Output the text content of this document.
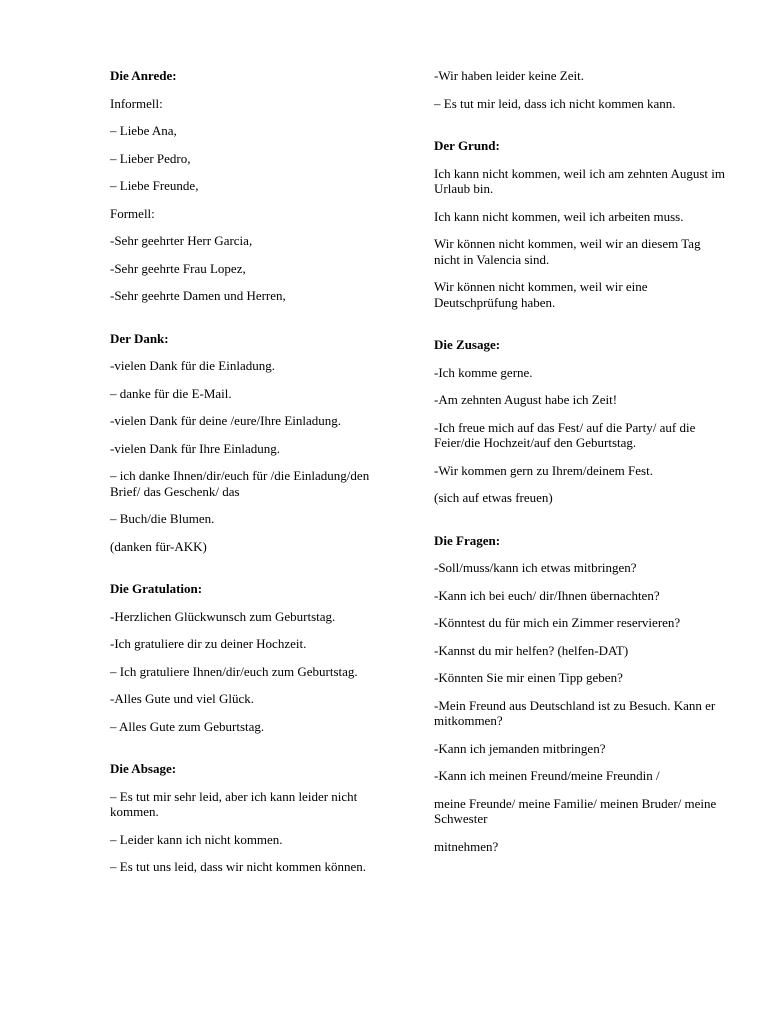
Die Anrede:
Informell:
– Liebe Ana,
– Lieber Pedro,
– Liebe Freunde,
Formell:
-Sehr geehrter Herr Garcia,
-Sehr geehrte Frau Lopez,
-Sehr geehrte Damen und Herren,
Der Dank:
-vielen Dank für die Einladung.
– danke für die E-Mail.
-vielen Dank für deine /eure/Ihre Einladung.
-vielen Dank für Ihre Einladung.
– ich danke Ihnen/dir/euch für /die Einladung/den Brief/ das Geschenk/ das
– Buch/die Blumen.
(danken für-AKK)
Die Gratulation:
-Herzlichen Glückwunsch zum Geburtstag.
-Ich gratuliere dir zu deiner Hochzeit.
– Ich gratuliere Ihnen/dir/euch zum Geburtstag.
-Alles Gute und viel Glück.
– Alles Gute zum Geburtstag.
Die Absage:
– Es tut mir sehr leid, aber ich kann leider nicht kommen.
– Leider kann ich nicht kommen.
– Es tut uns leid, dass wir nicht kommen können.
-Wir haben leider keine Zeit.
– Es tut mir leid, dass ich nicht kommen kann.
Der Grund:
Ich kann nicht kommen, weil ich am zehnten August im Urlaub bin.
Ich kann nicht kommen, weil ich arbeiten muss.
Wir können nicht kommen, weil wir an diesem Tag nicht in Valencia sind.
Wir können nicht kommen, weil wir eine Deutschprüfung haben.
Die Zusage:
-Ich komme gerne.
-Am zehnten August habe ich Zeit!
-Ich freue mich auf das Fest/ auf die Party/ auf die Feier/die Hochzeit/auf den Geburtstag.
-Wir kommen gern zu Ihrem/deinem Fest.
(sich auf etwas freuen)
Die Fragen:
-Soll/muss/kann ich etwas mitbringen?
-Kann ich bei euch/ dir/Ihnen übernachten?
-Könntest du für mich ein Zimmer reservieren?
-Kannst du mir helfen? (helfen-DAT)
-Könnten Sie mir einen Tipp geben?
-Mein Freund aus Deutschland ist zu Besuch. Kann er mitkommen?
-Kann ich jemanden mitbringen?
-Kann ich meinen Freund/meine Freundin /
meine Freunde/ meine Familie/ meinen Bruder/ meine Schwester
mitnehmen?
